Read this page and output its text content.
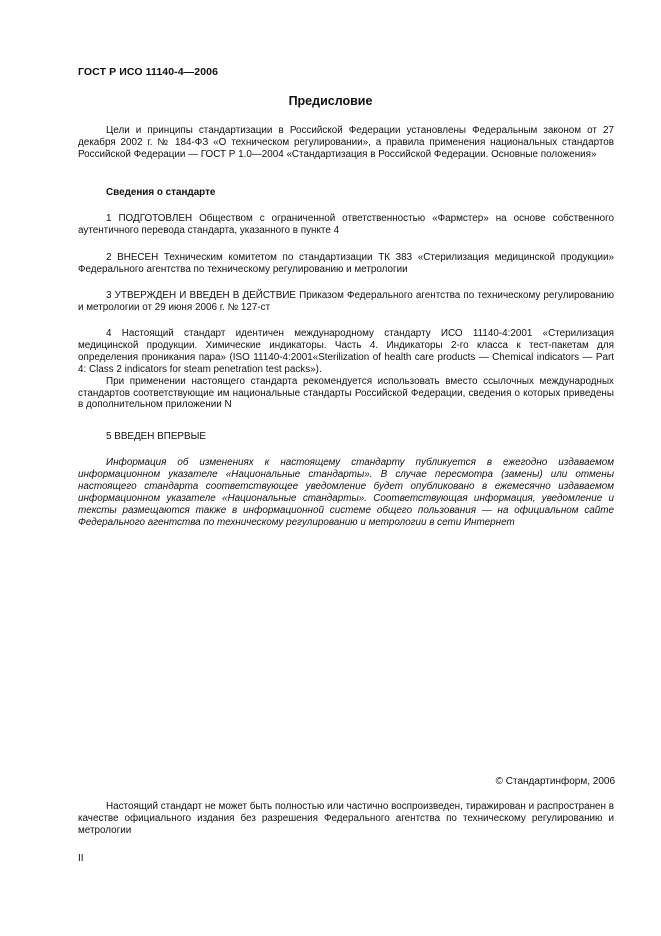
ГОСТ Р ИСО 11140-4—2006
Предисловие

Цели и принципы стандартизации в Российской Федерации установлены Федеральным законом от 27 декабря 2002 г. № 184-ФЗ «О техническом регулировании», а правила применения национальных стандартов Российской Федерации — ГОСТ Р 1.0—2004 «Стандартизация в Российской Федерации. Основные положения»

Сведения о стандарте

1 ПОДГОТОВЛЕН Обществом с ограниченной ответственностью «Фармстер» на основе собственного аутентичного перевода стандарта, указанного в пункте 4

2 ВНЕСЕН Техническим комитетом по стандартизации ТК 383 «Стерилизация медицинской продукции» Федерального агентства по техническому регулированию и метрологии

3 УТВЕРЖДЕН И ВВЕДЕН В ДЕЙСТВИЕ Приказом Федерального агентства по техническому регулированию и метрологии от 29 июня 2006 г. № 127-ст

4 Настоящий стандарт идентичен международному стандарту ИСО 11140-4:2001 «Стерилизация медицинской продукции. Химические индикаторы. Часть 4. Индикаторы 2-го класса к тест-пакетам для определения проникания пара» (ISO 11140-4:2001«Sterilization of health care products — Chemical indicators — Part 4: Class 2 indicators for steam penetration test packs»).

При применении настоящего стандарта рекомендуется использовать вместо ссылочных международных стандартов соответствующие им национальные стандарты Российской Федерации, сведения о которых приведены в дополнительном приложении N

5 ВВЕДЕН ВПЕРВЫЕ

Информация об изменениях к настоящему стандарту публикуется в ежегодно издаваемом информационном указателе «Национальные стандарты». В случае пересмотра (замены) или отмены настоящего стандарта соответствующее уведомление будет опубликовано в ежемесячно издаваемом информационном указателе «Национальные стандарты». Соответствующая информация, уведомление и тексты размещаются также в информационной системе общего пользования — на официальном сайте Федерального агентства по техническому регулированию и метрологии в сети Интернет

© Стандартинформ, 2006

Настоящий стандарт не может быть полностью или частично воспроизведен, тиражирован и распространен в качестве официального издания без разрешения Федерального агентства по техническому регулированию и метрологии

II
